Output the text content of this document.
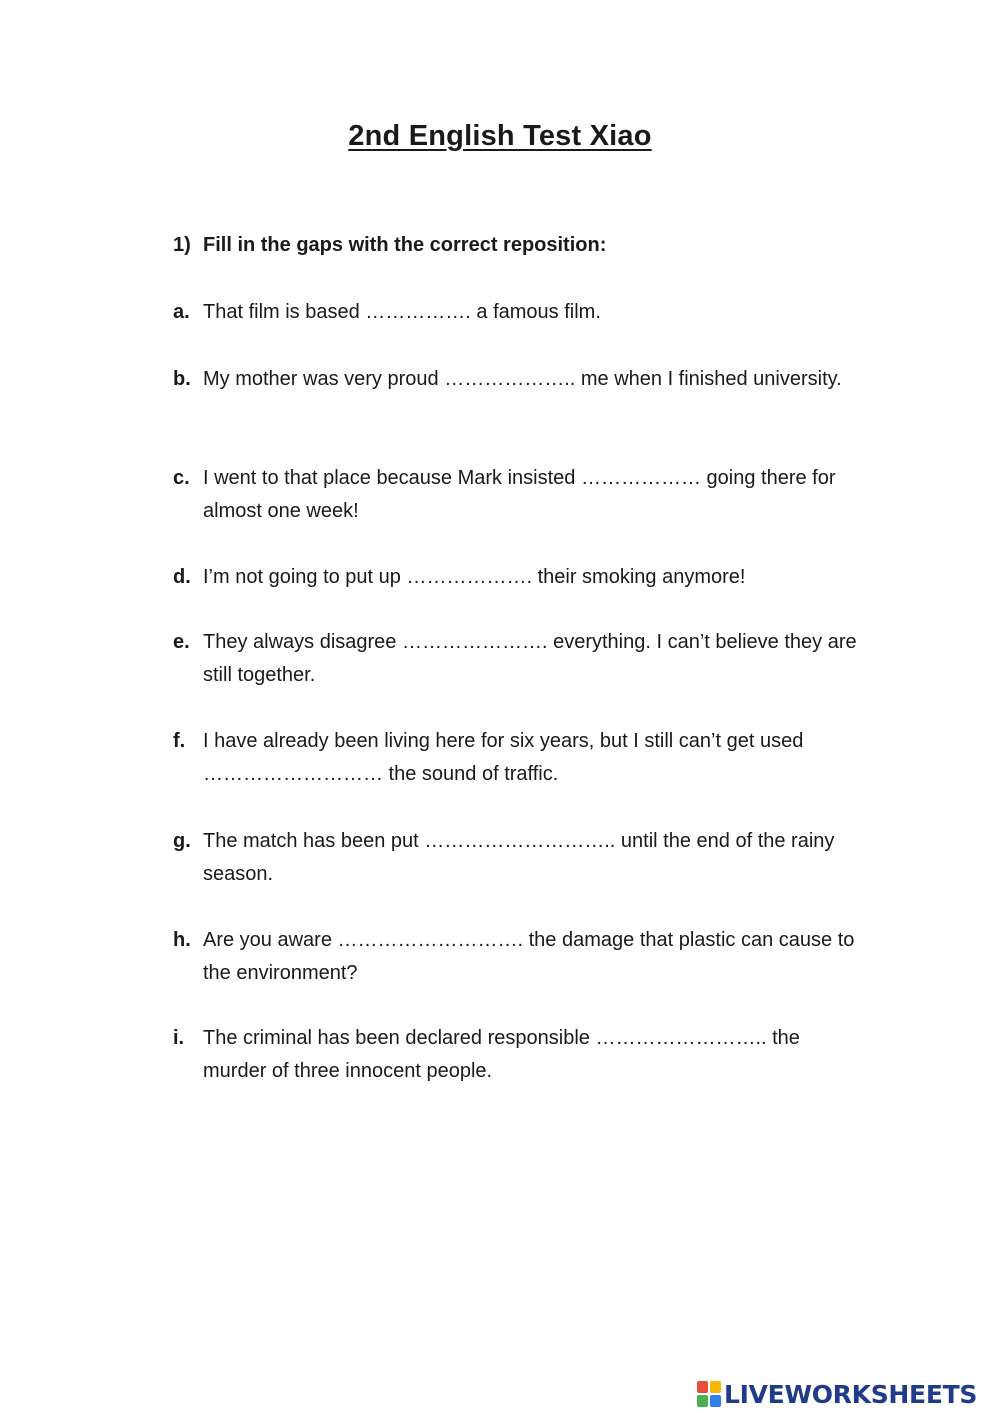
2nd English Test Xiao
1) Fill in the gaps with the correct reposition:
a. That film is based ……………. a famous film.
b. My mother was very proud ……………….. me when I finished university.
c. I went to that place because Mark insisted ……………… going there for almost one week!
d. I’m not going to put up ………………. their smoking anymore!
e. They always disagree …………………. everything. I can’t believe they are still together.
f. I have already been living here for six years, but I still can’t get used ……………………… the sound of traffic.
g. The match has been put ……………………….. until the end of the rainy season.
h. Are you aware ………………………. the damage that plastic can cause to the environment?
i. The criminal has been declared responsible …………………….. the murder of three innocent people.
LIVEWORKSHEETS
